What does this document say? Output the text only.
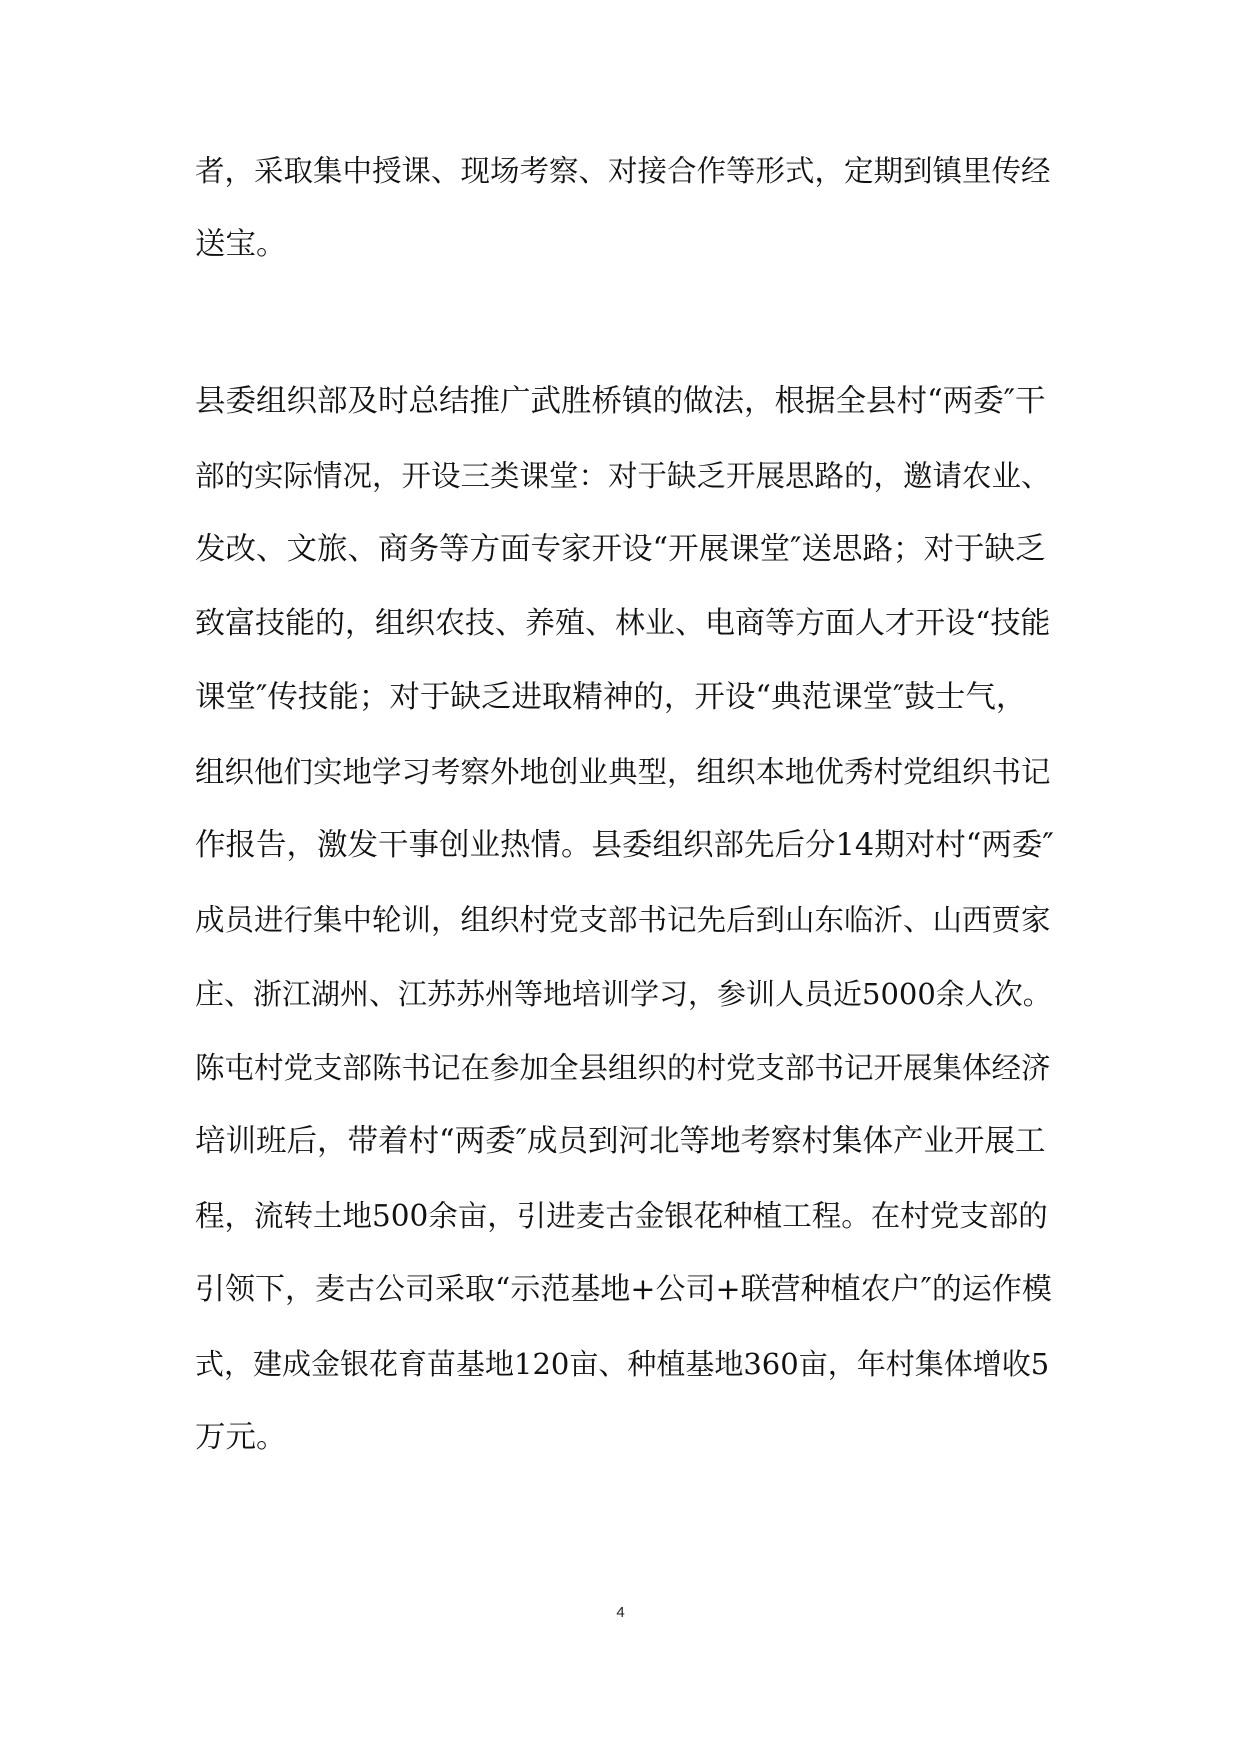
者，采取集中授课、现场考察、对接合作等形式，定期到镇里传经
送宝。
县委组织部及时总结推广武胜桥镇的做法，根据全县村“两委″干
部的实际情况，开设三类课堂：对于缺乏开展思路的，邀请农业、
发改、文旅、商务等方面专家开设“开展课堂″送思路；对于缺乏
致富技能的，组织农技、养殖、林业、电商等方面人才开设“技能
课堂″传技能；对于缺乏进取精神的，开设“典范课堂″鼓士气，
组织他们实地学习考察外地创业典型，组织本地优秀村党组织书记
作报告，激发干事创业热情。县委组织部先后分14期对村“两委″
成员进行集中轮训，组织村党支部书记先后到山东临沂、山西贾家
庄、浙江湖州、江苏苏州等地培训学习，参训人员近5000余人次。
陈屯村党支部陈书记在参加全县组织的村党支部书记开展集体经济
培训班后，带着村“两委″成员到河北等地考察村集体产业开展工
程，流转土地500余亩，引进麦古金银花种植工程。在村党支部的
引领下，麦古公司采取“示范基地+公司+联营种植农户″的运作模
式，建成金银花育苗基地120亩、种植基地360亩，年村集体增收5
万元。
4
